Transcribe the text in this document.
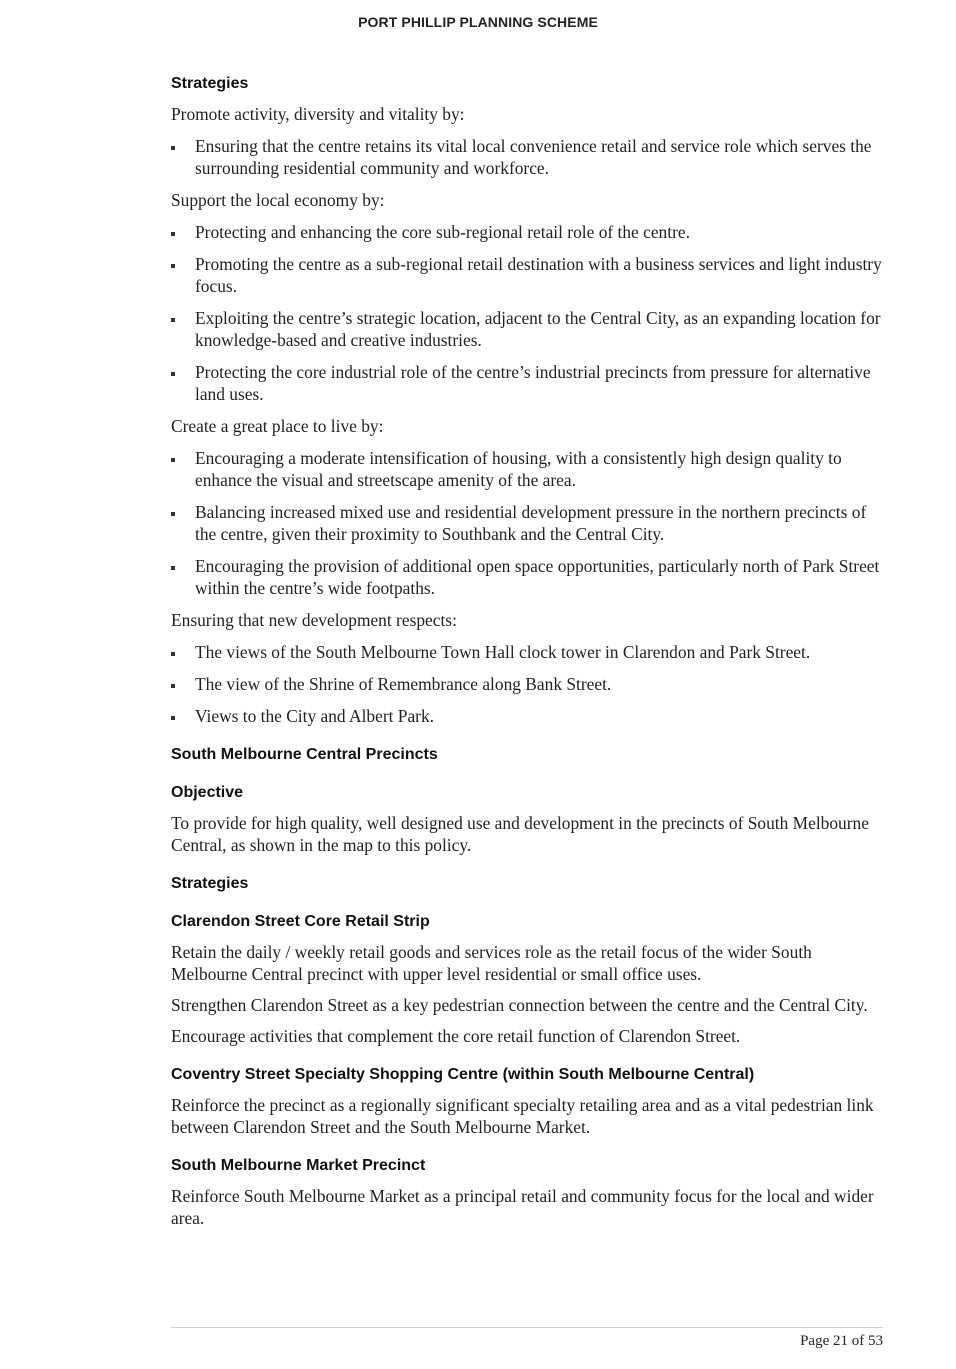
PORT PHILLIP PLANNING SCHEME
Strategies
Promote activity, diversity and vitality by:
Ensuring that the centre retains its vital local convenience retail and service role which serves the surrounding residential community and workforce.
Support the local economy by:
Protecting and enhancing the core sub-regional retail role of the centre.
Promoting the centre as a sub-regional retail destination with a business services and light industry focus.
Exploiting the centre’s strategic location, adjacent to the Central City, as an expanding location for knowledge-based and creative industries.
Protecting the core industrial role of the centre’s industrial precincts from pressure for alternative land uses.
Create a great place to live by:
Encouraging a moderate intensification of housing, with a consistently high design quality to enhance the visual and streetscape amenity of the area.
Balancing increased mixed use and residential development pressure in the northern precincts of the centre, given their proximity to Southbank and the Central City.
Encouraging the provision of additional open space opportunities, particularly north of Park Street within the centre’s wide footpaths.
Ensuring that new development respects:
The views of the South Melbourne Town Hall clock tower in Clarendon and Park Street.
The view of the Shrine of Remembrance along Bank Street.
Views to the City and Albert Park.
South Melbourne Central Precincts
Objective
To provide for high quality, well designed use and development in the precincts of South Melbourne Central, as shown in the map to this policy.
Strategies
Clarendon Street Core Retail Strip
Retain the daily / weekly retail goods and services role as the retail focus of the wider South Melbourne Central precinct with upper level residential or small office uses.
Strengthen Clarendon Street as a key pedestrian connection between the centre and the Central City.
Encourage activities that complement the core retail function of Clarendon Street.
Coventry Street Specialty Shopping Centre (within South Melbourne Central)
Reinforce the precinct as a regionally significant specialty retailing area and as a vital pedestrian link between Clarendon Street and the South Melbourne Market.
South Melbourne Market Precinct
Reinforce South Melbourne Market as a principal retail and community focus for the local and wider area.
Page 21 of 53
